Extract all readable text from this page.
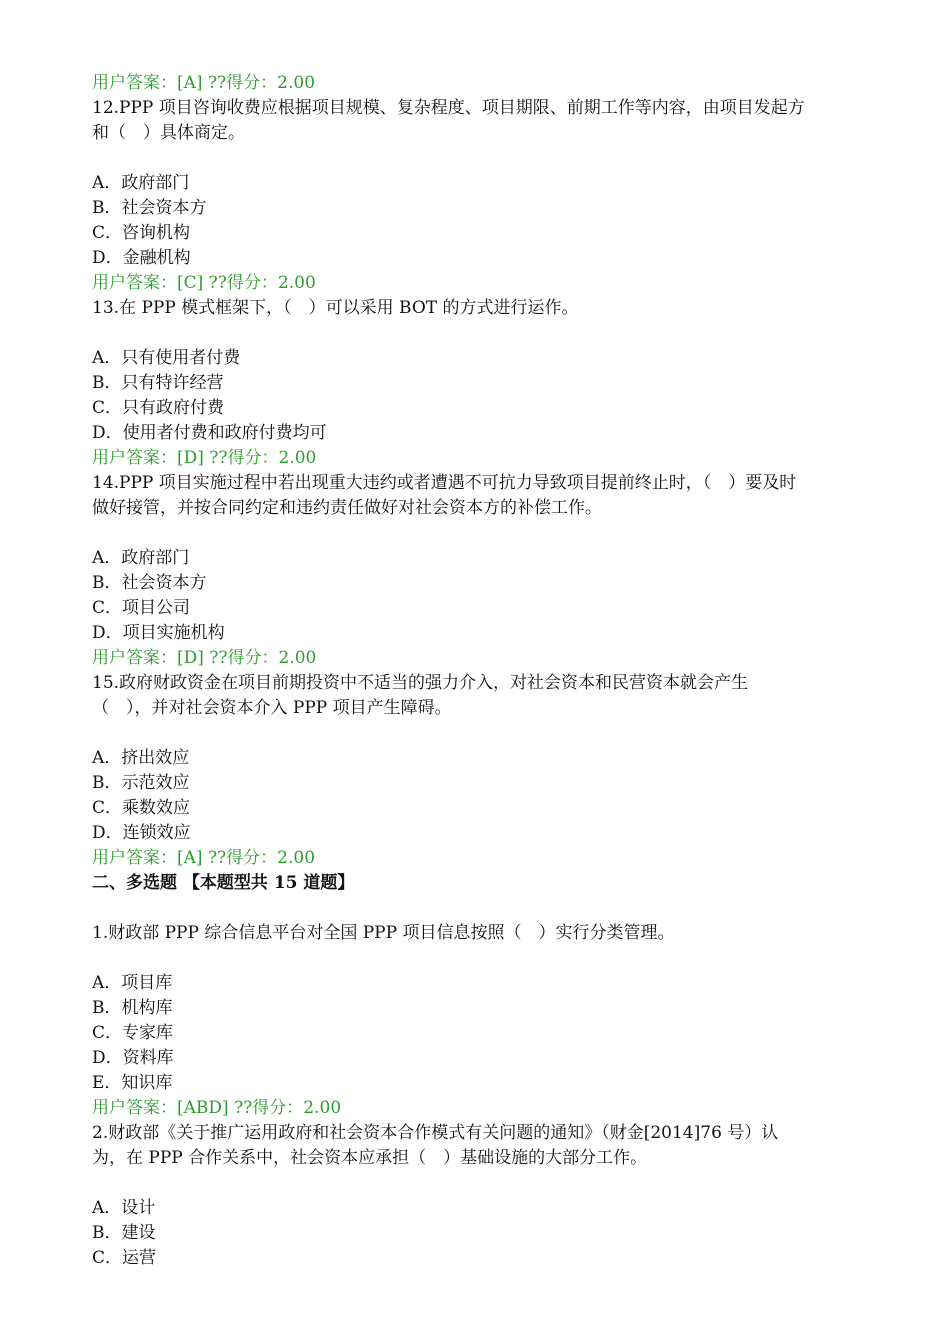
用户答案：[A] ??得分：2.00
12.PPP 项目咨询收费应根据项目规模、复杂程度、项目期限、前期工作等内容，由项目发起方
和（　）具体商定。
A．政府部门
B．社会资本方
C．咨询机构
D．金融机构
用户答案：[C] ??得分：2.00
13.在 PPP 模式框架下，（　）可以采用 BOT 的方式进行运作。
A．只有使用者付费
B．只有特许经营
C．只有政府付费
D．使用者付费和政府付费均可
用户答案：[D] ??得分：2.00
14.PPP 项目实施过程中若出现重大违约或者遭遇不可抗力导致项目提前终止时，（　）要及时
做好接管，并按合同约定和违约责任做好对社会资本方的补偿工作。
A．政府部门
B．社会资本方
C．项目公司
D．项目实施机构
用户答案：[D] ??得分：2.00
15.政府财政资金在项目前期投资中不适当的强力介入，对社会资本和民营资本就会产生
（　），并对社会资本介入 PPP 项目产生障碍。
A．挤出效应
B．示范效应
C．乘数效应
D．连锁效应
用户答案：[A] ??得分：2.00
二、多选题 【本题型共 15 道题】
1.财政部 PPP 综合信息平台对全国 PPP 项目信息按照（　）实行分类管理。
A．项目库
B．机构库
C．专家库
D．资料库
E．知识库
用户答案：[ABD] ??得分：2.00
2.财政部《关于推广运用政府和社会资本合作模式有关问题的通知》（财金[2014]76 号）认
为，在 PPP 合作关系中，社会资本应承担（　）基础设施的大部分工作。
A．设计
B．建设
C．运营
